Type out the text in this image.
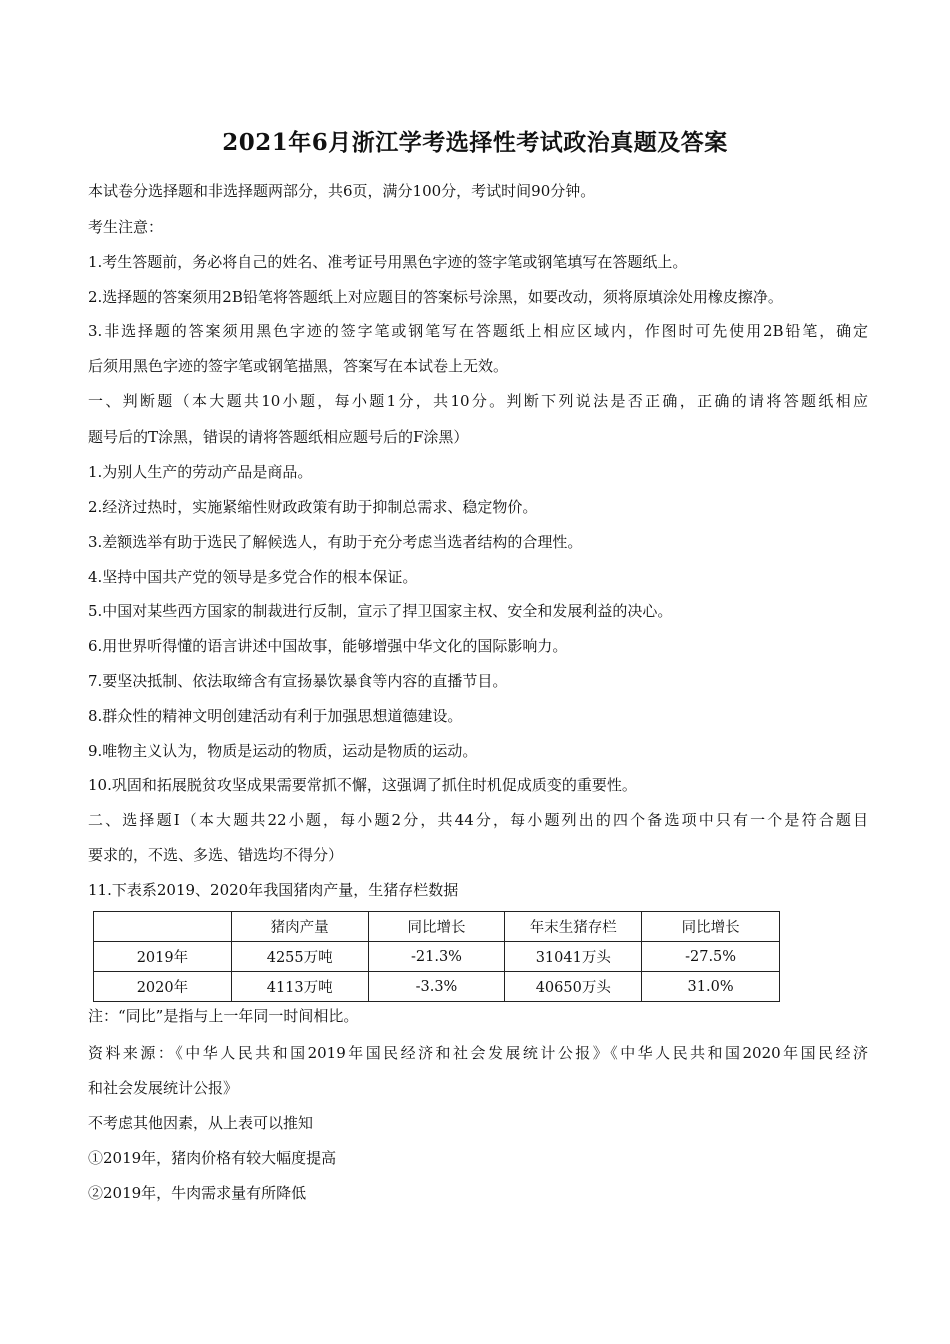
2021年6月浙江学考选择性考试政治真题及答案
本试卷分选择题和非选择题两部分，共6页，满分100分，考试时间90分钟。
考生注意：
1.考生答题前，务必将自己的姓名、准考证号用黑色字迹的签字笔或钢笔填写在答题纸上。
2.选择题的答案须用2B铅笔将答题纸上对应题目的答案标号涂黑，如要改动，须将原填涂处用橡皮擦净。
3.非选择题的答案须用黑色字迹的签字笔或钢笔写在答题纸上相应区域内，作图时可先使用2B铅笔，确定
后须用黑色字迹的签字笔或钢笔描黑，答案写在本试卷上无效。
一、判断题（本大题共10小题，每小题1分，共10分。判断下列说法是否正确，正确的请将答题纸相应
题号后的T涂黑，错误的请将答题纸相应题号后的F涂黑）
1.为别人生产的劳动产品是商品。
2.经济过热时，实施紧缩性财政政策有助于抑制总需求、稳定物价。
3.差额选举有助于选民了解候选人，有助于充分考虑当选者结构的合理性。
4.坚持中国共产党的领导是多党合作的根本保证。
5.中国对某些西方国家的制裁进行反制，宣示了捍卫国家主权、安全和发展利益的决心。
6.用世界听得懂的语言讲述中国故事，能够增强中华文化的国际影响力。
7.要坚决抵制、依法取缔含有宣扬暴饮暴食等内容的直播节目。
8.群众性的精神文明创建活动有利于加强思想道德建设。
9.唯物主义认为，物质是运动的物质，运动是物质的运动。
10.巩固和拓展脱贫攻坚成果需要常抓不懈，这强调了抓住时机促成质变的重要性。
二、选择题Ⅰ（本大题共22小题，每小题2分，共44分，每小题列出的四个备选项中只有一个是符合题目
要求的，不选、多选、错选均不得分）
11.下表系2019、2020年我国猪肉产量，生猪存栏数据
	猪肉产量	同比增长	年末生猪存栏	同比增长
2019年	4255万吨	-21.3%	31041万头	-27.5%
2020年	4113万吨	-3.3%	40650万头	31.0%
注：“同比”是指与上一年同一时间相比。
资料来源：《中华人民共和国2019年国民经济和社会发展统计公报》《中华人民共和国2020年国民经济
和社会发展统计公报》
不考虑其他因素，从上表可以推知
①2019年，猪肉价格有较大幅度提高
②2019年，牛肉需求量有所降低
